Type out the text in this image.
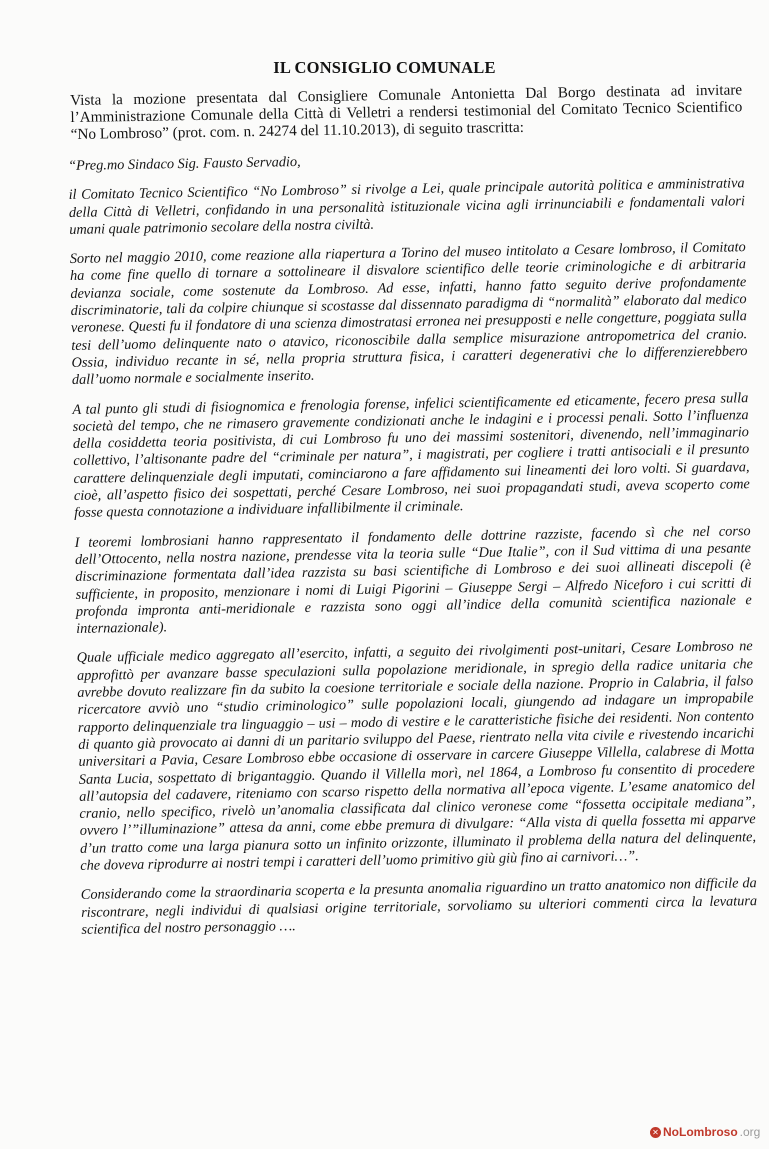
IL CONSIGLIO COMUNALE
Vista la mozione presentata dal Consigliere Comunale Antonietta Dal Borgo destinata ad invitare l’Amministrazione Comunale della Città di Velletri a rendersi testimonial del Comitato Tecnico Scientifico “No Lombroso” (prot. com. n. 24274 del 11.10.2013), di seguito trascritta:

“Preg.mo Sindaco Sig. Fausto Servadio,

il Comitato Tecnico Scientifico “No Lombroso” si rivolge a Lei, quale principale autorità politica e amministrativa della Città di Velletri, confidando in una personalità istituzionale vicina agli irrinunciabili e fondamentali valori umani quale patrimonio secolare della nostra civiltà.

Sorto nel maggio 2010, come reazione alla riapertura a Torino del museo intitolato a Cesare lombroso, il Comitato ha come fine quello di tornare a sottolineare il disvalore scientifico delle teorie criminologiche e di arbitraria devianza sociale, come sostenute da Lombroso. Ad esse, infatti, hanno fatto seguito derive profondamente discriminatorie, tali da colpire chiunque si scostasse dal dissennato paradigma di “normalità” elaborato dal medico veronese. Questi fu il fondatore di una scienza dimostratasi erronea nei presupposti e nelle congetture, poggiata sulla tesi dell’uomo delinquente nato o atavico, riconoscibile dalla semplice misurazione antropometrica del cranio. Ossia, individuo recante in sé, nella propria struttura fisica, i caratteri degenerativi che lo differenzierebbero dall’uomo normale e socialmente inserito.

A tal punto gli studi di fisiognomica e frenologia forense, infelici scientificamente ed eticamente, fecero presa sulla società del tempo, che ne rimasero gravemente condizionati anche le indagini e i processi penali. Sotto l’influenza della cosiddetta teoria positivista, di cui Lombroso fu uno dei massimi sostenitori, divenendo, nell’immaginario collettivo, l’altisonante padre del “criminale per natura”, i magistrati, per cogliere i tratti antisociali e il presunto carattere delinquenziale degli imputati, cominciarono a fare affidamento sui lineamenti dei loro volti. Si guardava, cioè, all’aspetto fisico dei sospettati, perché Cesare Lombroso, nei suoi propagandati studi, aveva scoperto come fosse questa connotazione a individuare infallibilmente il criminale.

I teoremi lombrosiani hanno rappresentato il fondamento delle dottrine razziste, facendo sì che nel corso dell’Ottocento, nella nostra nazione, prendesse vita la teoria sulle “Due Italie”, con il Sud vittima di una pesante discriminazione formentata dall’idea razzista su basi scientifiche di Lombroso e dei suoi allineati discepoli (è sufficiente, in proposito, menzionare i nomi di Luigi Pigorini – Giuseppe Sergi – Alfredo Niceforo i cui scritti di profonda impronta anti-meridionale e razzista sono oggi all’indice della comunità scientifica nazionale e internazionale).

Quale ufficiale medico aggregato all’esercito, infatti, a seguito dei rivolgimenti post-unitari, Cesare Lombroso ne approfittò per avanzare basse speculazioni sulla popolazione meridionale, in spregio della radice unitaria che avrebbe dovuto realizzare fin da subito la coesione territoriale e sociale della nazione. Proprio in Calabria, il falso ricercatore avviò uno “studio criminologico” sulle popolazioni locali, giungendo ad indagare un impropabile rapporto delinquenziale tra linguaggio – usi – modo di vestire e le caratteristiche fisiche dei residenti. Non contento di quanto già provocato ai danni di un paritario sviluppo del Paese, rientrato nella vita civile e rivestendo incarichi universitari a Pavia, Cesare Lombroso ebbe occasione di osservare in carcere Giuseppe Villella, calabrese di Motta Santa Lucia, sospettato di brigantaggio. Quando il Villella morì, nel 1864, a Lombroso fu consentito di procedere all’autopsia del cadavere, riteniamo con scarso rispetto della normativa all’epoca vigente. L’esame anatomico del cranio, nello specifico, rivelò un’anomalia classificata dal clinico veronese come “fossetta occipitale mediana”, ovvero l’”illuminazione” attesa da anni, come ebbe premura di divulgare: “Alla vista di quella fossetta mi apparve d’un tratto come una larga pianura sotto un infinito orizzonte, illuminato il problema della natura del delinquente, che doveva riprodurre ai nostri tempi i caratteri dell’uomo primitivo giù giù fino ai carnivori…”.

Considerando come la straordinaria scoperta e la presunta anomalia riguardino un tratto anatomico non difficile da riscontrare, negli individui di qualsiasi origine territoriale, sorvoliamo su ulteriori commenti circa la levatura scientifica del nostro personaggio ….

✕ NoLombroso .org
